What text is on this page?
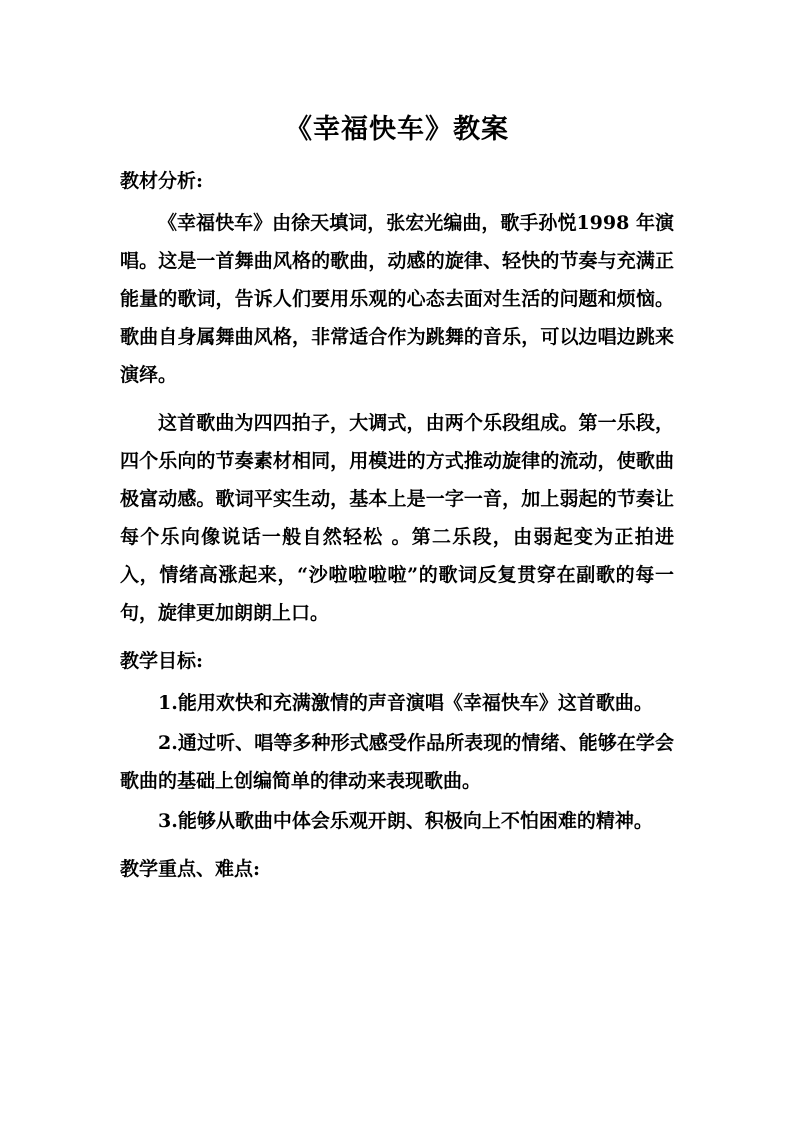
《幸福快车》教案
教材分析:

《幸福快车》由徐天填词，张宏光编曲，歌手孙悦1998 年演唱。这是一首舞曲风格的歌曲，动感的旋律、轻快的节奏与充满正能量的歌词，告诉人们要用乐观的心态去面对生活的问题和烦恼。歌曲自身属舞曲风格，非常适合作为跳舞的音乐，可以边唱边跳来演绎。

这首歌曲为四四拍子，大调式，由两个乐段组成。第一乐段，四个乐向的节奏素材相同，用模进的方式推动旋律的流动，使歌曲极富动感。歌词平实生动，基本上是一字一音，加上弱起的节奏让每个乐向像说话一般自然轻松 。第二乐段，由弱起变为正拍进入，情绪高涨起来，“沙啦啦啦啦”的歌词反复贯穿在副歌的每一句，旋律更加朗朗上口。

教学目标:

1.能用欢快和充满激情的声音演唱《幸福快车》这首歌曲。

2.通过听、唱等多种形式感受作品所表现的情绪、能够在学会歌曲的基础上创编简单的律动来表现歌曲。

3.能够从歌曲中体会乐观开朗、积极向上不怕困难的精神。

教学重点、难点:
